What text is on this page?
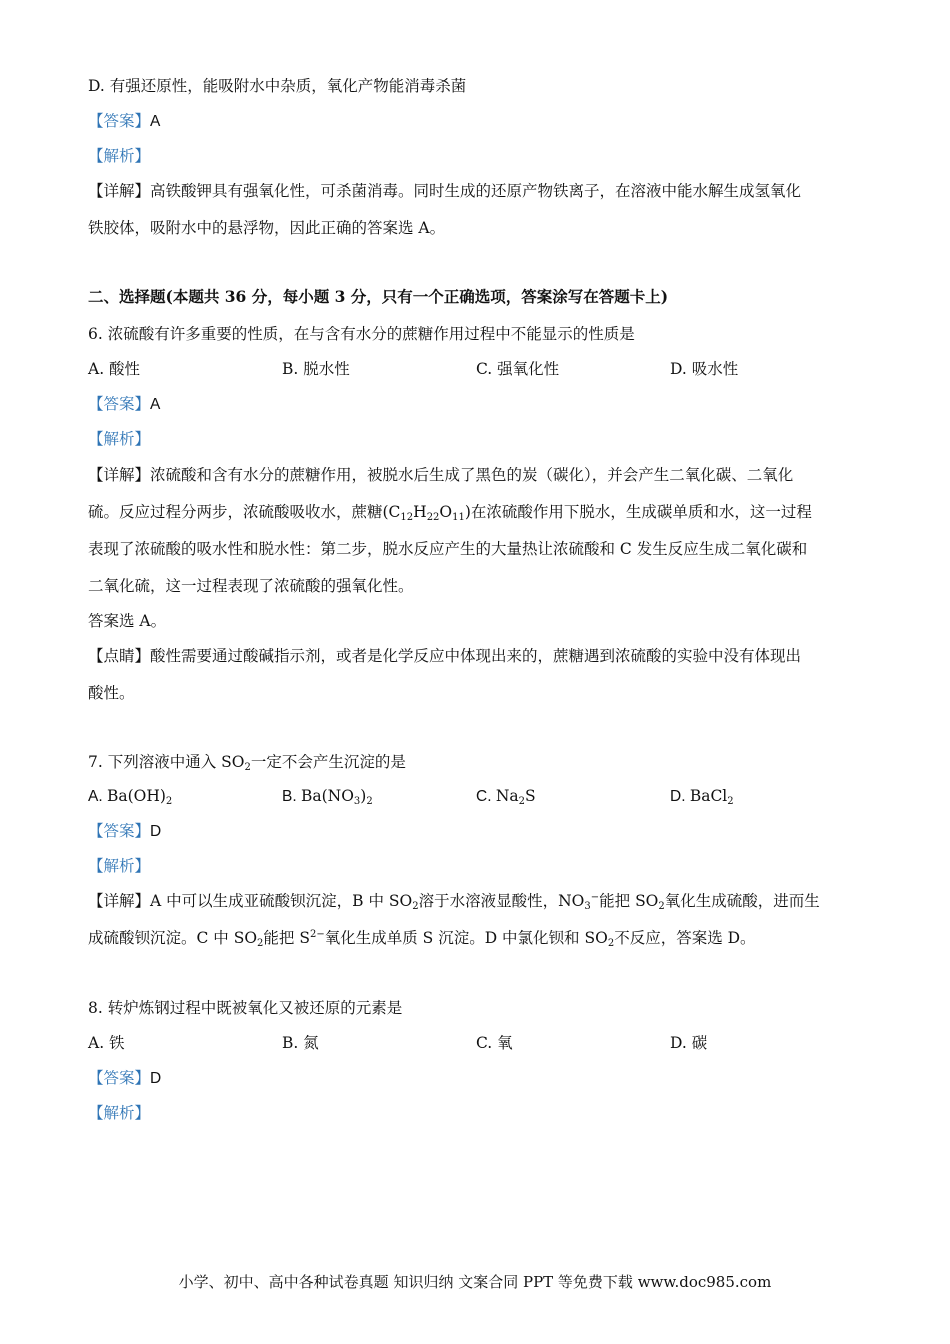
D. 有强还原性，能吸附水中杂质，氧化产物能消毒杀菌
【答案】A
【解析】
【详解】高铁酸钾具有强氧化性，可杀菌消毒。同时生成的还原产物铁离子，在溶液中能水解生成氢氧化
铁胶体，吸附水中的悬浮物，因此正确的答案选 A。
二、选择题(本题共 36 分，每小题 3 分，只有一个正确选项，答案涂写在答题卡上)
6. 浓硫酸有许多重要的性质，在与含有水分的蔗糖作用过程中不能显示的性质是
A. 酸性	B. 脱水性	C. 强氧化性	D. 吸水性
【答案】A
【解析】
【详解】浓硫酸和含有水分的蔗糖作用，被脱水后生成了黑色的炭（碳化），并会产生二氧化碳、二氧化
硫。反应过程分两步，浓硫酸吸收水，蔗糖$(C_{12}H_{22}O_{11})$在浓硫酸作用下脱水，生成碳单质和水，这一过程
表现了浓硫酸的吸水性和脱水性：第二步，脱水反应产生的大量热让浓硫酸和 C 发生反应生成二氧化碳和
二氧化硫，这一过程表现了浓硫酸的强氧化性。
答案选 A。
【点睛】酸性需要通过酸碱指示剂，或者是化学反应中体现出来的，蔗糖遇到浓硫酸的实验中没有体现出
酸性。
7. 下列溶液中通入 $SO_2$一定不会产生沉淀的是
A. $Ba(OH)_2$	B. $Ba(NO_3)_2$	C. $Na_2S$	D. BaCl$_2$
【答案】D
【解析】
【详解】A 中可以生成亚硫酸钡沉淀，B 中 $SO_2$溶于水溶液显酸性，$NO_3^-$能把 $SO_2$氧化生成硫酸，进而生
成硫酸钡沉淀。C 中 $SO_2$能把 $S^{2-}$氧化生成单质 S 沉淀。D 中氯化钡和 $SO_2$不反应，答案选 D。
8. 转炉炼钢过程中既被氧化又被还原的元素是
A. 铁	B. 氮	C. 氧	D. 碳
【答案】D
【解析】
小学、初中、高中各种试卷真题 知识归纳 文案合同 PPT 等免费下载 www.doc985.com
